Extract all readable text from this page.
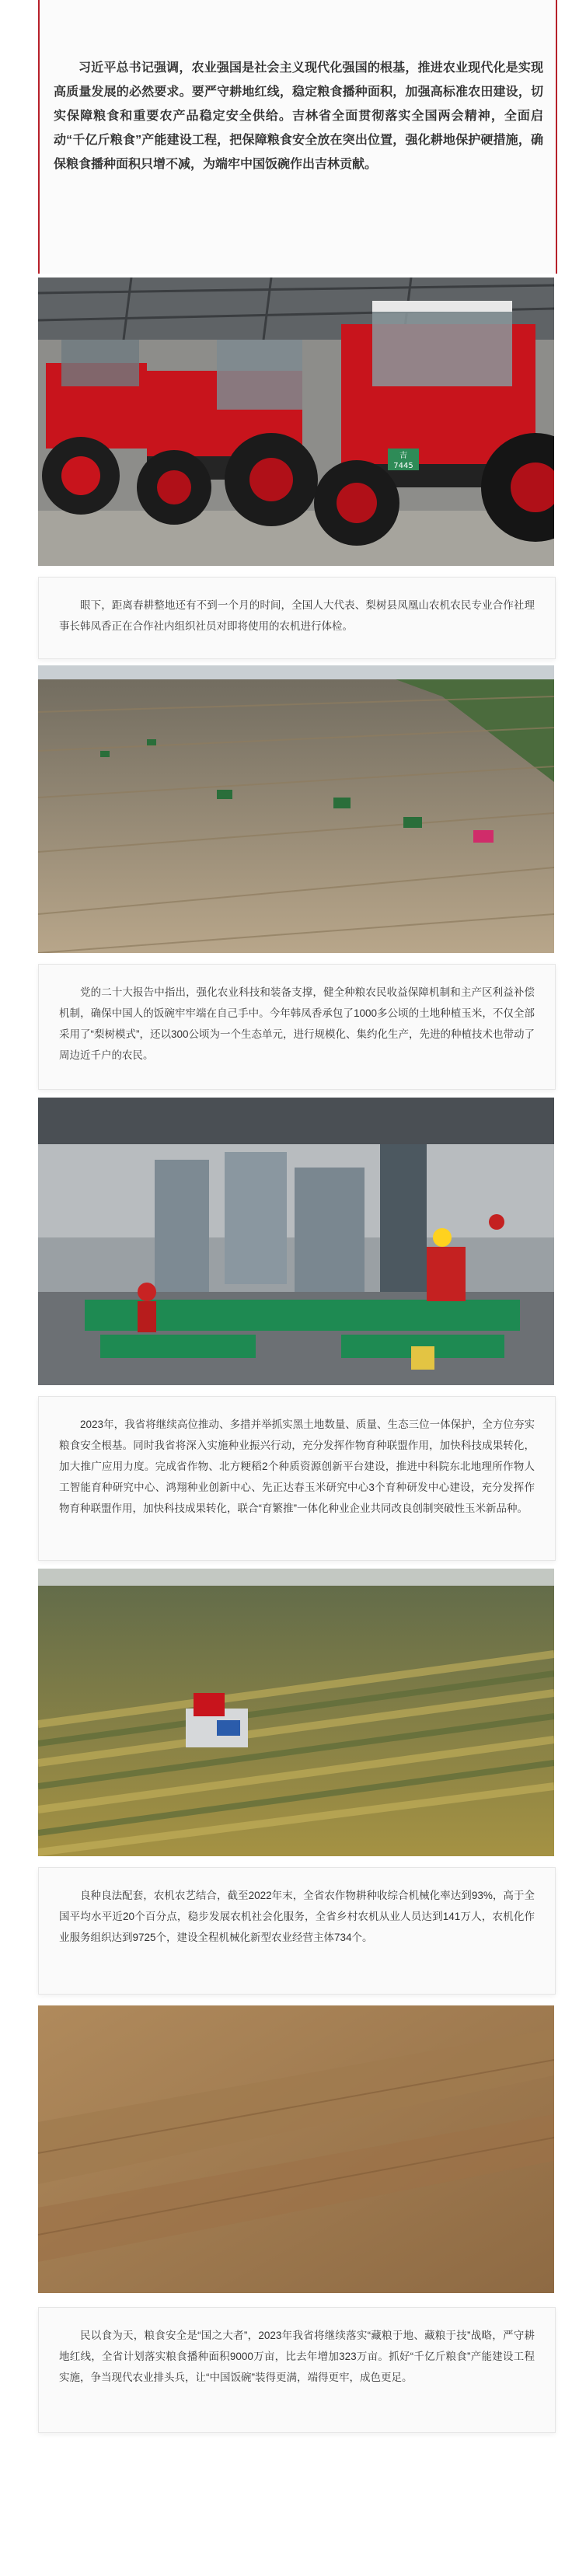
习近平总书记强调，农业强国是社会主义现代化强国的根基，推进农业现代化是实现高质量发展的必然要求。要严守耕地红线，稳定粮食播种面积，加强高标准农田建设，切实保障粮食和重要农产品稳定安全供给。吉林省全面贯彻落实全国两会精神，全面启动“千亿斤粮食”产能建设工程，把保障粮食安全放在突出位置，强化耕地保护硬措施，确保粮食播种面积只增不减，为端牢中国饭碗作出吉林贡献。

吉
7445

眼下，距离春耕整地还有不到一个月的时间，全国人大代表、梨树县凤凰山农机农民专业合作社理事长韩凤香正在合作社内组织社员对即将使用的农机进行体检。

党的二十大报告中指出，强化农业科技和装备支撑，健全种粮农民收益保障机制和主产区利益补偿机制，确保中国人的饭碗牢牢端在自己手中。今年韩凤香承包了1000多公顷的土地种植玉米，不仅全部采用了“梨树模式”，还以300公顷为一个生态单元，进行规模化、集约化生产，先进的种植技术也带动了周边近千户的农民。

2023年，我省将继续高位推动、多措并举抓实黑土地数量、质量、生态三位一体保护，全方位夯实粮食安全根基。同时我省将深入实施种业振兴行动，充分发挥作物育种联盟作用，加快科技成果转化，加大推广应用力度。完成省作物、北方粳稻2个种质资源创新平台建设，推进中科院东北地理所作物人工智能育种研究中心、鸿翔种业创新中心、先正达春玉米研究中心3个育种研发中心建设，充分发挥作物育种联盟作用，加快科技成果转化，联合“育繁推”一体化种业企业共同改良创制突破性玉米新品种。

良种良法配套，农机农艺结合，截至2022年末，全省农作物耕种收综合机械化率达到93%，高于全国平均水平近20个百分点，稳步发展农机社会化服务，全省乡村农机从业人员达到141万人，农机化作业服务组织达到9725个，建设全程机械化新型农业经营主体734个。

民以食为天，粮食安全是“国之大者”，2023年我省将继续落实“藏粮于地、藏粮于技”战略，严守耕地红线，全省计划落实粮食播种面积9000万亩，比去年增加323万亩。抓好“千亿斤粮食”产能建设工程实施，争当现代农业排头兵，让“中国饭碗”装得更满，端得更牢，成色更足。
